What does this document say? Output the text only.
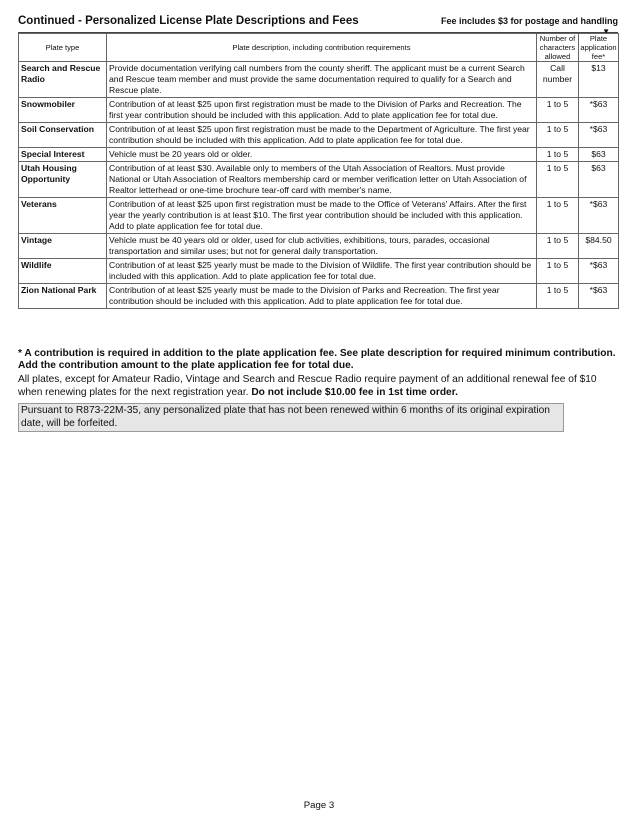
Continued - Personalized License Plate Descriptions and Fees	Fee includes $3 for postage and handling
▼
Plate type	Plate description, including contribution requirements	Number of characters allowed	Plate application fee*
Search and Rescue Radio	Provide documentation verifying call numbers from the county sheriff. The applicant must be a current Search and Rescue team member and must provide the same documentation required to qualify for a Search and Rescue plate.	Call number	$13
Snowmobiler	Contribution of at least $25 upon first registration must be made to the Division of Parks and Recreation. The first year contribution should be included with this application. Add to plate application fee for total due.	1 to 5	*$63
Soil Conservation	Contribution of at least $25 upon first registration must be made to the Department of Agriculture. The first year contribution should be included with this application. Add to plate application fee for total due.	1 to 5	*$63
Special Interest	Vehicle must be 20 years old or older.	1 to 5	$63
Utah Housing Opportunity	Contribution of at least $30. Available only to members of the Utah Association of Realtors. Must provide National or Utah Association of Realtors membership card or member verification letter on Utah Association of Realtor letterhead or one-time brochure tear-off card with member's name.	1 to 5	$63
Veterans	Contribution of at least $25 upon first registration must be made to the Office of Veterans' Affairs. After the first year the yearly contribution is at least $10. The first year contribution should be included with this application. Add to plate application fee for total due.	1 to 5	*$63
Vintage	Vehicle must be 40 years old or older, used for club activities, exhibitions, tours, parades, occasional transportation and similar uses; but not for general daily transportation.	1 to 5	$84.50
Wildlife	Contribution of at least $25 yearly must be made to the Division of Wildlife. The first year contribution should be included with this application. Add to plate application fee for total due.	1 to 5	*$63
Zion National Park	Contribution of at least $25 yearly must be made to the Division of Parks and Recreation. The first year contribution should be included with this application. Add to plate application fee for total due.	1 to 5	*$63
* A contribution is required in addition to the plate application fee. See plate description for required minimum contribution. Add the contribution amount to the plate application fee for total due.
All plates, except for Amateur Radio, Vintage and Search and Rescue Radio require payment of an additional renewal fee of $10 when renewing plates for the next registration year. Do not include $10.00 fee in 1st time order.
Pursuant to R873-22M-35, any personalized plate that has not been renewed within 6 months of its original expiration date, will be forfeited.
Page 3
